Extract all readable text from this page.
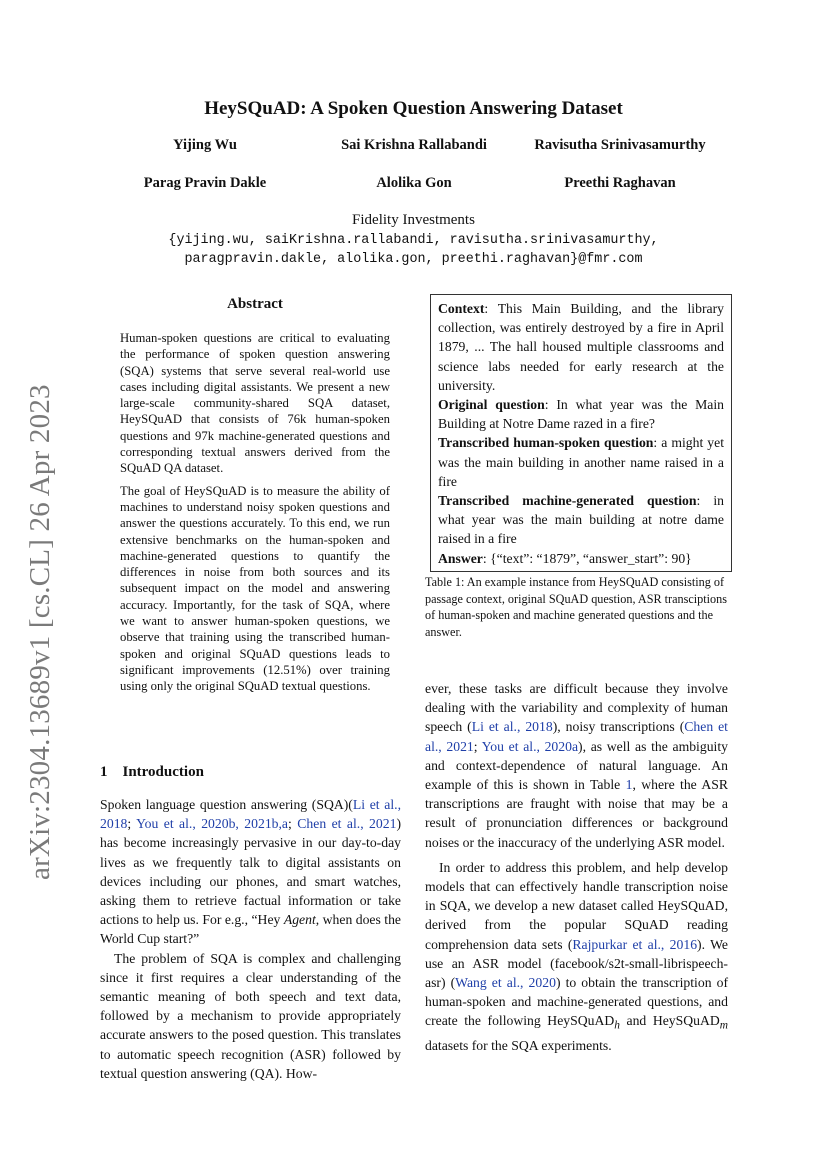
HeySQuAD: A Spoken Question Answering Dataset
Yijing Wu	Sai Krishna Rallabandi	Ravisutha Srinivasamurthy
Parag Pravin Dakle	Alolika Gon	Preethi Raghavan
Fidelity Investments
{yijing.wu, saiKrishna.rallabandi, ravisutha.srinivasamurthy,
paragpravin.dakle, alolika.gon, preethi.raghavan}@fmr.com
arXiv:2304.13689v1 [cs.CL] 26 Apr 2023
Abstract

Human-spoken questions are critical to evaluating the performance of spoken question answering (SQA) systems that serve several real-world use cases including digital assistants. We present a new large-scale community-shared SQA dataset, HeySQuAD that consists of 76k human-spoken questions and 97k machine-generated questions and corresponding textual answers derived from the SQuAD QA dataset.

The goal of HeySQuAD is to measure the ability of machines to understand noisy spoken questions and answer the questions accurately. To this end, we run extensive benchmarks on the human-spoken and machine-generated questions to quantify the differences in noise from both sources and its subsequent impact on the model and answering accuracy. Importantly, for the task of SQA, where we want to answer human-spoken questions, we observe that training using the transcribed human-spoken and original SQuAD questions leads to significant improvements (12.51%) over training using only the original SQuAD textual questions.

1 Introduction

Spoken language question answering (SQA)(Li et al., 2018; You et al., 2020b, 2021b,a; Chen et al., 2021) has become increasingly pervasive in our day-to-day lives as we frequently talk to digital assistants on devices including our phones, and smart watches, asking them to retrieve factual information or take actions to help us. For e.g., “Hey Agent, when does the World Cup start?”

The problem of SQA is complex and challenging since it first requires a clear understanding of the semantic meaning of both speech and text data, followed by a mechanism to provide appropriately accurate answers to the posed question. This translates to automatic speech recognition (ASR) followed by textual question answering (QA). How-

Context: This Main Building, and the library collection, was entirely destroyed by a fire in April 1879, ... The hall housed multiple classrooms and science labs needed for early research at the university.

Original question: In what year was the Main Building at Notre Dame razed in a fire?

Transcribed human-spoken question: a might yet was the main building in another name raised in a fire

Transcribed machine-generated question: in what year was the main building at notre dame raised in a fire

Answer: {“text”: “1879”, “answer_start”: 90}

Table 1: An example instance from HeySQuAD consisting of passage context, original SQuAD question, ASR transciptions of human-spoken and machine generated questions and the answer.

ever, these tasks are difficult because they involve dealing with the variability and complexity of human speech (Li et al., 2018), noisy transcriptions (Chen et al., 2021; You et al., 2020a), as well as the ambiguity and context-dependence of natural language. An example of this is shown in Table 1, where the ASR transcriptions are fraught with noise that may be a result of pronunciation differences or background noises or the inaccuracy of the underlying ASR model.

In order to address this problem, and help develop models that can effectively handle transcription noise in SQA, we develop a new dataset called HeySQuAD, derived from the popular SQuAD reading comprehension data sets (Rajpurkar et al., 2016). We use an ASR model (facebook/s2t-small-librispeech-asr) (Wang et al., 2020) to obtain the transcription of human-spoken and machine-generated questions, and create the following HeySQuAD$_h$ and HeySQuAD$_m$ datasets for the SQA experiments.
